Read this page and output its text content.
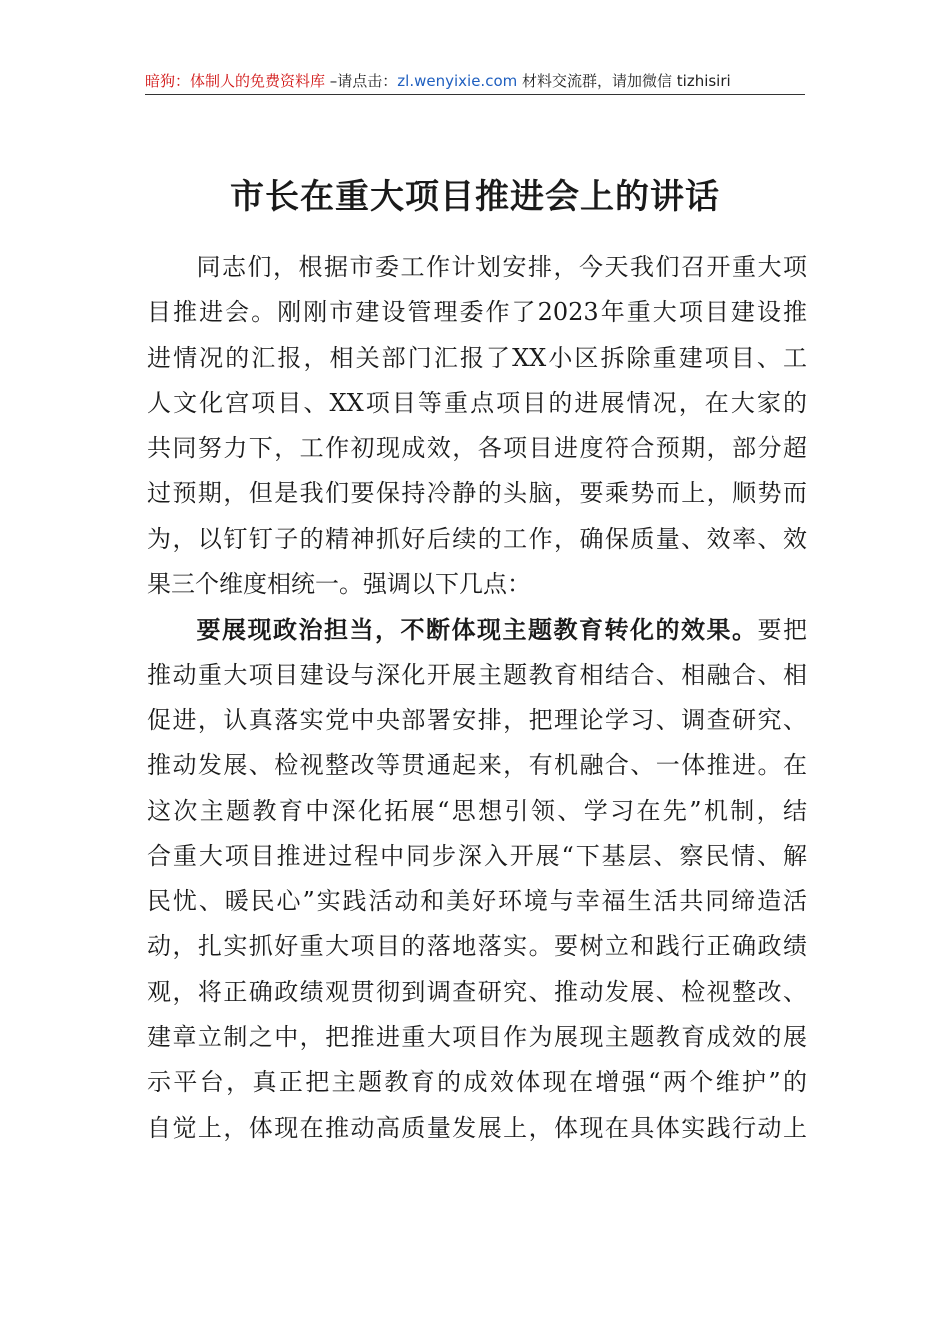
暗狗：体制人的免费资料库 –请点击：zl.wenyixie.com 材料交流群，请加微信 tizhisiri
市长在重大项目推进会上的讲话
同志们，根据市委工作计划安排，今天我们召开重大项
目推进会。刚刚市建设管理委作了2023年重大项目建设推
进情况的汇报，相关部门汇报了XX小区拆除重建项目、工
人文化宫项目、XX项目等重点项目的进展情况，在大家的
共同努力下，工作初现成效，各项目进度符合预期，部分超
过预期，但是我们要保持冷静的头脑，要乘势而上，顺势而
为，以钉钉子的精神抓好后续的工作，确保质量、效率、效
果三个维度相统一。强调以下几点：
要展现政治担当，不断体现主题教育转化的效果。要把
推动重大项目建设与深化开展主题教育相结合、相融合、相
促进，认真落实党中央部署安排，把理论学习、调查研究、
推动发展、检视整改等贯通起来，有机融合、一体推进。在
这次主题教育中深化拓展“思想引领、学习在先”机制，结
合重大项目推进过程中同步深入开展“下基层、察民情、解
民忧、暖民心”实践活动和美好环境与幸福生活共同缔造活
动，扎实抓好重大项目的落地落实。要树立和践行正确政绩
观，将正确政绩观贯彻到调查研究、推动发展、检视整改、
建章立制之中，把推进重大项目作为展现主题教育成效的展
示平台，真正把主题教育的成效体现在增强“两个维护”的
自觉上，体现在推动高质量发展上，体现在具体实践行动上
